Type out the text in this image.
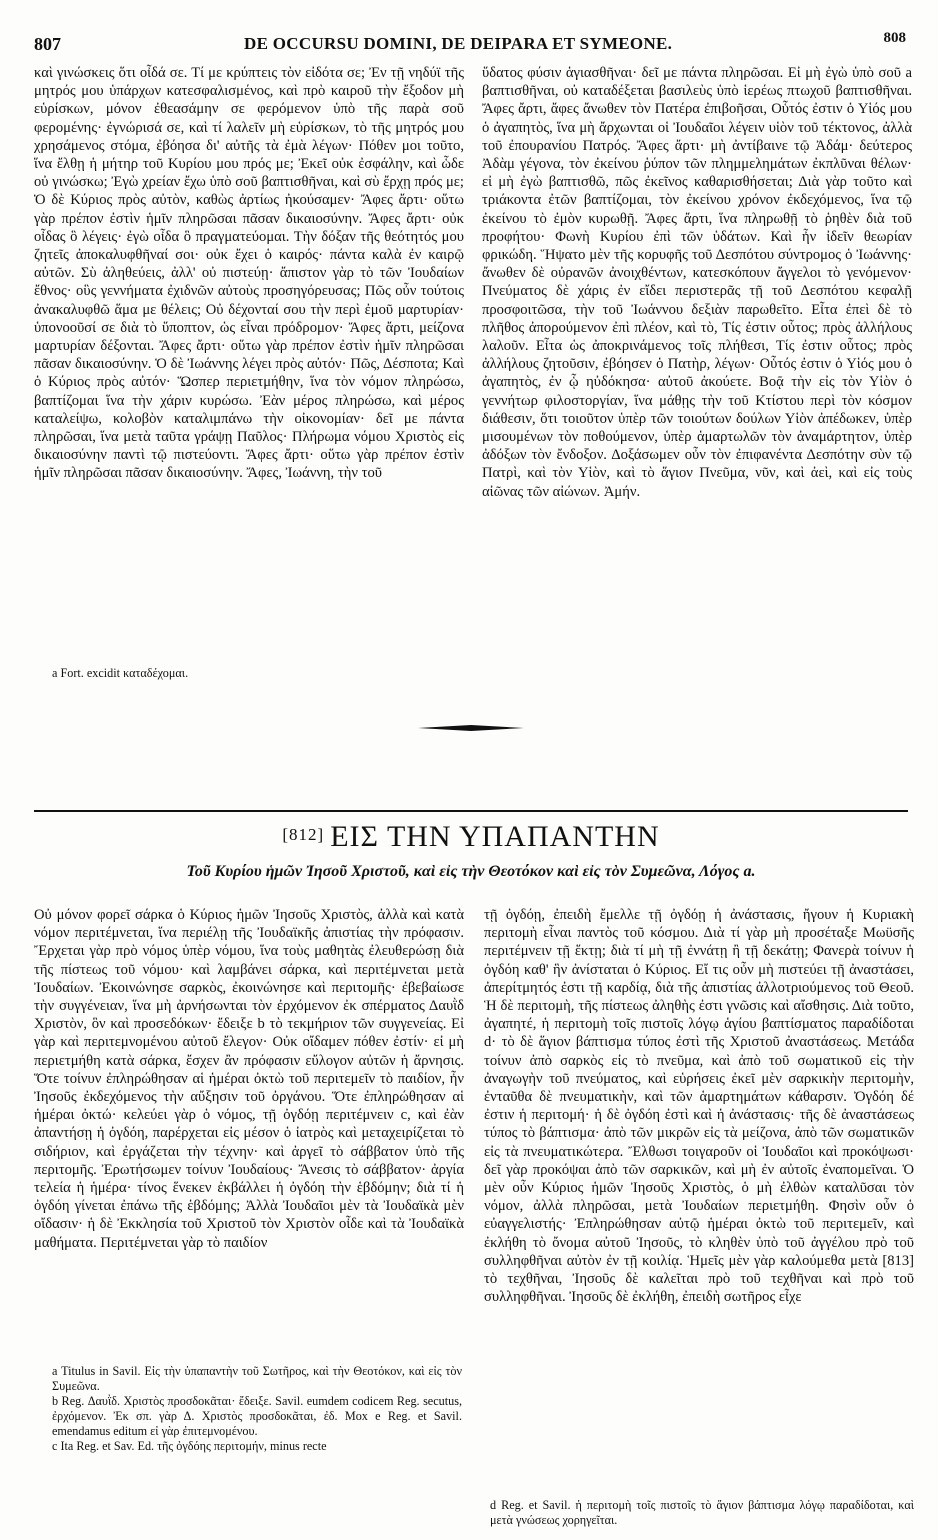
807	DE OCCURSU DOMINI, DE DEIPARA ET SYMEONE.	808

καὶ γινώσκεις ὅτι οἶδά σε. Τί με κρύπτεις τὸν εἰδότα σε; Ἐν τῇ νηδύϊ τῆς μητρός μου ὑπάρχων κατεσφαλισμένος, καὶ πρὸ καιροῦ τὴν ἔξοδον μὴ εὑρίσκων, μόνον ἐθεασάμην σε φερόμενον ὑπὸ τῆς παρὰ σοῦ φερομένης· ἐγνώρισά σε, καὶ τί λαλεῖν μὴ εὑρίσκων, τὸ τῆς μητρός μου χρησάμενος στόμα, ἐβόησα δι' αὐτῆς τὰ ἐμὰ λέγων· Πόθεν μοι τοῦτο, ἵνα ἔλθῃ ἡ μήτηρ τοῦ Κυρίου μου πρός με; Ἐκεῖ οὐκ ἐσφάλην, καὶ ὧδε οὐ γινώσκω; Ἐγὼ χρείαν ἔχω ὑπὸ σοῦ βαπτισθῆναι, καὶ σὺ ἔρχῃ πρός με; Ὁ δὲ Κύριος πρὸς αὐτὸν, καθὼς ἀρτίως ἠκούσαμεν· Ἄφες ἄρτι· οὕτω γὰρ πρέπον ἐστὶν ἡμῖν πληρῶσαι πᾶσαν δικαιοσύνην. Ἄφες ἄρτι· οὐκ οἶδας ὃ λέγεις· ἐγὼ οἶδα ὃ πραγματεύομαι. Τὴν δόξαν τῆς θεότητός μου ζητεῖς ἀποκαλυφθῆναί σοι· οὐκ ἔχει ὁ καιρός· πάντα καλὰ ἐν καιρῷ αὐτῶν. Σὺ ἀληθεύεις, ἀλλ' οὐ πιστεύῃ· ἄπιστον γὰρ τὸ τῶν Ἰουδαίων ἔθνος· οὓς γεννήματα ἐχιδνῶν αὐτοὺς προσηγόρευσας; Πῶς οὖν τούτοις ἀνακαλυφθῶ ἅμα με θέλεις; Οὐ δέχονταί σου τὴν περὶ ἐμοῦ μαρτυρίαν· ὑπονοοῦσί σε διὰ τὸ ὕποπτον, ὡς εἶναι πρόδρομον· Ἄφες ἄρτι, μείζονα μαρτυρίαν δέξονται. Ἄφες ἄρτι· οὕτω γὰρ πρέπον ἐστὶν ἡμῖν πληρῶσαι πᾶσαν δικαιοσύνην. Ὁ δὲ Ἰωάννης λέγει πρὸς αὐτόν· Πῶς, Δέσποτα; Καὶ ὁ Κύριος πρὸς αὐτόν· Ὥσπερ περιετμήθην, ἵνα τὸν νόμον πληρώσω, βαπτίζομαι ἵνα τὴν χάριν κυρώσω. Ἐὰν μέρος πληρώσω, καὶ μέρος καταλείψω, κολοβὸν καταλιμπάνω τὴν οἰκονομίαν· δεῖ με πάντα πληρῶσαι, ἵνα μετὰ ταῦτα γράψῃ Παῦλος· Πλήρωμα νόμου Χριστὸς εἰς δικαιοσύνην παντὶ τῷ πιστεύοντι. Ἄφες ἄρτι· οὕτω γὰρ πρέπον ἐστὶν ἡμῖν πληρῶσαι πᾶσαν δικαιοσύνην. Ἄφες, Ἰωάννη, τὴν τοῦ

ὕδατος φύσιν ἁγιασθῆναι· δεῖ με πάντα πληρῶσαι. Εἰ μὴ ἐγὼ ὑπὸ σοῦ a βαπτισθῆναι, οὐ καταδέξεται βασιλεὺς ὑπὸ ἱερέως πτωχοῦ βαπτισθῆναι. Ἄφες ἄρτι, ἄφες ἄνωθεν τὸν Πατέρα ἐπιβοῆσαι, Οὗτός ἐστιν ὁ Υἱός μου ὁ ἀγαπητὸς, ἵνα μὴ ἄρχωνται οἱ Ἰουδαῖοι λέγειν υἱὸν τοῦ τέκτονος, ἀλλὰ τοῦ ἐπουρανίου Πατρός. Ἄφες ἄρτι· μὴ ἀντίβαινε τῷ Ἀδάμ· δεύτερος Ἀδὰμ γέγονα, τὸν ἐκείνου ῥύπον τῶν πλημμελημάτων ἐκπλῦναι θέλων· εἰ μὴ ἐγὼ βαπτισθῶ, πῶς ἐκεῖνος καθαρισθήσεται; Διὰ γὰρ τοῦτο καὶ τριάκοντα ἐτῶν βαπτίζομαι, τὸν ἐκείνου χρόνον ἐκδεχόμενος, ἵνα τῷ ἐκείνου τὸ ἐμὸν κυρωθῇ. Ἄφες ἄρτι, ἵνα πληρωθῇ τὸ ῥηθὲν διὰ τοῦ προφήτου· Φωνὴ Κυρίου ἐπὶ τῶν ὑδάτων. Καὶ ἦν ἰδεῖν θεωρίαν φρικώδη. Ἥψατο μὲν τῆς κορυφῆς τοῦ Δεσπότου σύντρομος ὁ Ἰωάννης· ἄνωθεν δὲ οὐρανῶν ἀνοιχθέντων, κατεσκόπουν ἄγγελοι τὸ γενόμενον· Πνεύματος δὲ χάρις ἐν εἴδει περιστερᾶς τῇ τοῦ Δεσπότου κεφαλῇ προσφοιτῶσα, τὴν τοῦ Ἰωάννου δεξιὰν παρωθεῖτο. Εἶτα ἐπεὶ δὲ τὸ πλῆθος ἀπορούμενον ἐπὶ πλέον, καὶ τὸ, Τίς ἐστιν οὗτος; πρὸς ἀλλήλους λαλοῦν. Εἶτα ὡς ἀποκρινάμενος τοῖς πλήθεσι, Τίς ἐστιν οὗτος; πρὸς ἀλλήλους ζητοῦσιν, ἐβόησεν ὁ Πατὴρ, λέγων· Οὗτός ἐστιν ὁ Υἱός μου ὁ ἀγαπητὸς, ἐν ᾧ ηὐδόκησα· αὐτοῦ ἀκούετε. Βοᾷ τὴν εἰς τὸν Υἱὸν ὁ γεννήτωρ φιλοστοργίαν, ἵνα μάθῃς τὴν τοῦ Κτίστου περὶ τὸν κόσμον διάθεσιν, ὅτι τοιοῦτον ὑπὲρ τῶν τοιούτων δούλων Υἱὸν ἀπέδωκεν, ὑπὲρ μισουμένων τὸν ποθούμενον, ὑπὲρ ἁμαρτωλῶν τὸν ἀναμάρτητον, ὑπὲρ ἀδόξων τὸν ἔνδοξον. Δοξάσωμεν οὖν τὸν ἐπιφανέντα Δεσπότην σὺν τῷ Πατρὶ, καὶ τὸν Υἱὸν, καὶ τὸ ἅγιον Πνεῦμα, νῦν, καὶ ἀεὶ, καὶ εἰς τοὺς αἰῶνας τῶν αἰώνων. Ἀμήν.

a Fort. excidit καταδέχομαι.
[812] ΕΙΣ ΤΗΝ ΥΠΑΠΑΝΤΗΝ
Τοῦ Κυρίου ἡμῶν Ἰησοῦ Χριστοῦ, καὶ εἰς τὴν Θεοτόκον καὶ εἰς τὸν Συμεῶνα, Λόγος a.

Οὐ μόνον φορεῖ σάρκα ὁ Κύριος ἡμῶν Ἰησοῦς Χριστὸς, ἀλλὰ καὶ κατὰ νόμον περιτέμνεται, ἵνα περιέλῃ τῆς Ἰουδαϊκῆς ἀπιστίας τὴν πρόφασιν. Ἔρχεται γὰρ πρὸ νόμος ὑπὲρ νόμου, ἵνα τοὺς μαθητὰς ἐλευθερώσῃ διὰ τῆς πίστεως τοῦ νόμου· καὶ λαμβάνει σάρκα, καὶ περιτέμνεται μετὰ Ἰουδαίων. Ἐκοινώνησε σαρκὸς, ἐκοινώνησε καὶ περιτομῆς· ἐβεβαίωσε τὴν συγγένειαν, ἵνα μὴ ἀρνήσωνται τὸν ἐρχόμενον ἐκ σπέρματος Δαυῒδ Χριστὸν, ὃν καὶ προσεδόκων· ἔδειξε b τὸ τεκμήριον τῶν συγγενείας. Εἰ γὰρ καὶ περιτεμνομένου αὐτοῦ ἔλεγον· Οὐκ οἴδαμεν πόθεν ἐστίν· εἰ μὴ περιετμήθη κατὰ σάρκα, ἔσχεν ἂν πρόφασιν εὔλογον αὐτῶν ἡ ἄρνησις. Ὅτε τοίνυν ἐπληρώθησαν αἱ ἡμέραι ὀκτὼ τοῦ περιτεμεῖν τὸ παιδίον, ἦν Ἰησοῦς ἐκδεχόμενος τὴν αὔξησιν τοῦ ὀργάνου. Ὅτε ἐπληρώθησαν αἱ ἡμέραι ὀκτώ· κελεύει γὰρ ὁ νόμος, τῇ ὀγδόῃ περιτέμνειν c, καὶ ἐὰν ἀπαντήσῃ ἡ ὀγδόη, παρέρχεται εἰς μέσον ὁ ἰατρὸς καὶ μεταχειρίζεται τὸ σιδήριον, καὶ ἐργάζεται τὴν τέχνην· καὶ ἀργεῖ τὸ σάββατον ὑπὸ τῆς περιτομῆς. Ἐρωτήσωμεν τοίνυν Ἰουδαίους· Ἄνεσις τὸ σάββατον· ἀργία τελεία ἡ ἡμέρα· τίνος ἕνεκεν ἐκβάλλει ἡ ὀγδόη τὴν ἑβδόμην; διὰ τί ἡ ὀγδόη γίνεται ἐπάνω τῆς ἑβδόμης; Ἀλλὰ Ἰουδαῖοι μὲν τὰ Ἰουδαϊκὰ μὲν οἴδασιν· ἡ δὲ Ἐκκλησία τοῦ Χριστοῦ τὸν Χριστὸν οἶδε καὶ τὰ Ἰουδαϊκὰ μαθήματα. Περιτέμνεται γὰρ τὸ παιδίον

τῇ ὀγδόῃ, ἐπειδὴ ἔμελλε τῇ ὀγδόῃ ἡ ἀνάστασις, ἤγουν ἡ Κυριακὴ περιτομὴ εἶναι παντὸς τοῦ κόσμου. Διὰ τί γὰρ μὴ προσέταξε Μωϋσῆς περιτέμνειν τῇ ἕκτῃ; διὰ τί μὴ τῇ ἐννάτῃ ἢ τῇ δεκάτῃ; Φανερὰ τοίνυν ἡ ὀγδόη καθ' ἣν ἀνίσταται ὁ Κύριος. Εἴ τις οὖν μὴ πιστεύει τῇ ἀναστάσει, ἀπερίτμητός ἐστι τῇ καρδίᾳ, διὰ τῆς ἀπιστίας ἀλλοτριούμενος τοῦ Θεοῦ. Ἡ δὲ περιτομὴ, τῆς πίστεως ἀληθὴς ἐστι γνῶσις καὶ αἴσθησις. Διὰ τοῦτο, ἀγαπητέ, ἡ περιτομὴ τοῖς πιστοῖς λόγῳ ἁγίου βαπτίσματος παραδίδοται d· τὸ δὲ ἅγιον βάπτισμα τύπος ἐστὶ τῆς Χριστοῦ ἀναστάσεως. Μετάδα τοίνυν ἀπὸ σαρκὸς εἰς τὸ πνεῦμα, καὶ ἀπὸ τοῦ σωματικοῦ εἰς τὴν ἀναγωγὴν τοῦ πνεύματος, καὶ εὑρήσεις ἐκεῖ μὲν σαρκικὴν περιτομὴν, ἐνταῦθα δὲ πνευματικὴν, καὶ τῶν ἁμαρτημάτων κάθαρσιν. Ὀγδόη δέ ἐστιν ἡ περιτομή· ἡ δὲ ὀγδόη ἐστὶ καὶ ἡ ἀνάστασις· τῆς δὲ ἀναστάσεως τύπος τὸ βάπτισμα· ἀπὸ τῶν μικρῶν εἰς τὰ μείζονα, ἀπὸ τῶν σωματικῶν εἰς τὰ πνευματικώτερα. Ἔλθωσι τοιγαροῦν οἱ Ἰουδαῖοι καὶ προκόψωσι· δεῖ γὰρ προκόψαι ἀπὸ τῶν σαρκικῶν, καὶ μὴ ἐν αὐτοῖς ἐναπομεῖναι. Ὁ μὲν οὖν Κύριος ἡμῶν Ἰησοῦς Χριστὸς, ὁ μὴ ἐλθὼν καταλῦσαι τὸν νόμον, ἀλλὰ πληρῶσαι, μετὰ Ἰουδαίων περιετμήθη. Φησὶν οὖν ὁ εὐαγγελιστής· Ἐπληρώθησαν αὐτῷ ἡμέραι ὀκτὼ τοῦ περιτεμεῖν, καὶ ἐκλήθη τὸ ὄνομα αὐτοῦ Ἰησοῦς, τὸ κληθὲν ὑπὸ τοῦ ἀγγέλου πρὸ τοῦ συλληφθῆναι αὐτὸν ἐν τῇ κοιλίᾳ. Ἡμεῖς μὲν γὰρ καλούμεθα μετὰ [813] τὸ τεχθῆναι, Ἰησοῦς δὲ καλεῖται πρὸ τοῦ τεχθῆναι καὶ πρὸ τοῦ συλληφθῆναι. Ἰησοῦς δὲ ἐκλήθη, ἐπειδὴ σωτῆρος εἶχε

a Titulus in Savil. Εἰς τὴν ὑπαπαντὴν τοῦ Σωτῆρος, καὶ τὴν Θεοτόκον, καὶ εἰς τὸν Συμεῶνα.
b Reg. Δαυῒδ. Χριστὸς προσδοκᾶται· ἔδειξε. Savil. eumdem codicem Reg. secutus, ἐρχόμενον. Ἐκ σπ. γὰρ Δ. Χριστὸς προσδοκᾶται, ἐδ. Mox e Reg. et Savil. emendamus editum εἰ γὰρ ἐπιτεμνομένου.
c Ita Reg. et Sav. Ed. τῆς ὀγδόης περιτομήν, minus recte
d Reg. et Savil. ἡ περιτομὴ τοῖς πιστοῖς τὸ ἅγιον βάπτισμα λόγῳ παραδίδοται, καὶ μετὰ γνώσεως χορηγεῖται.
